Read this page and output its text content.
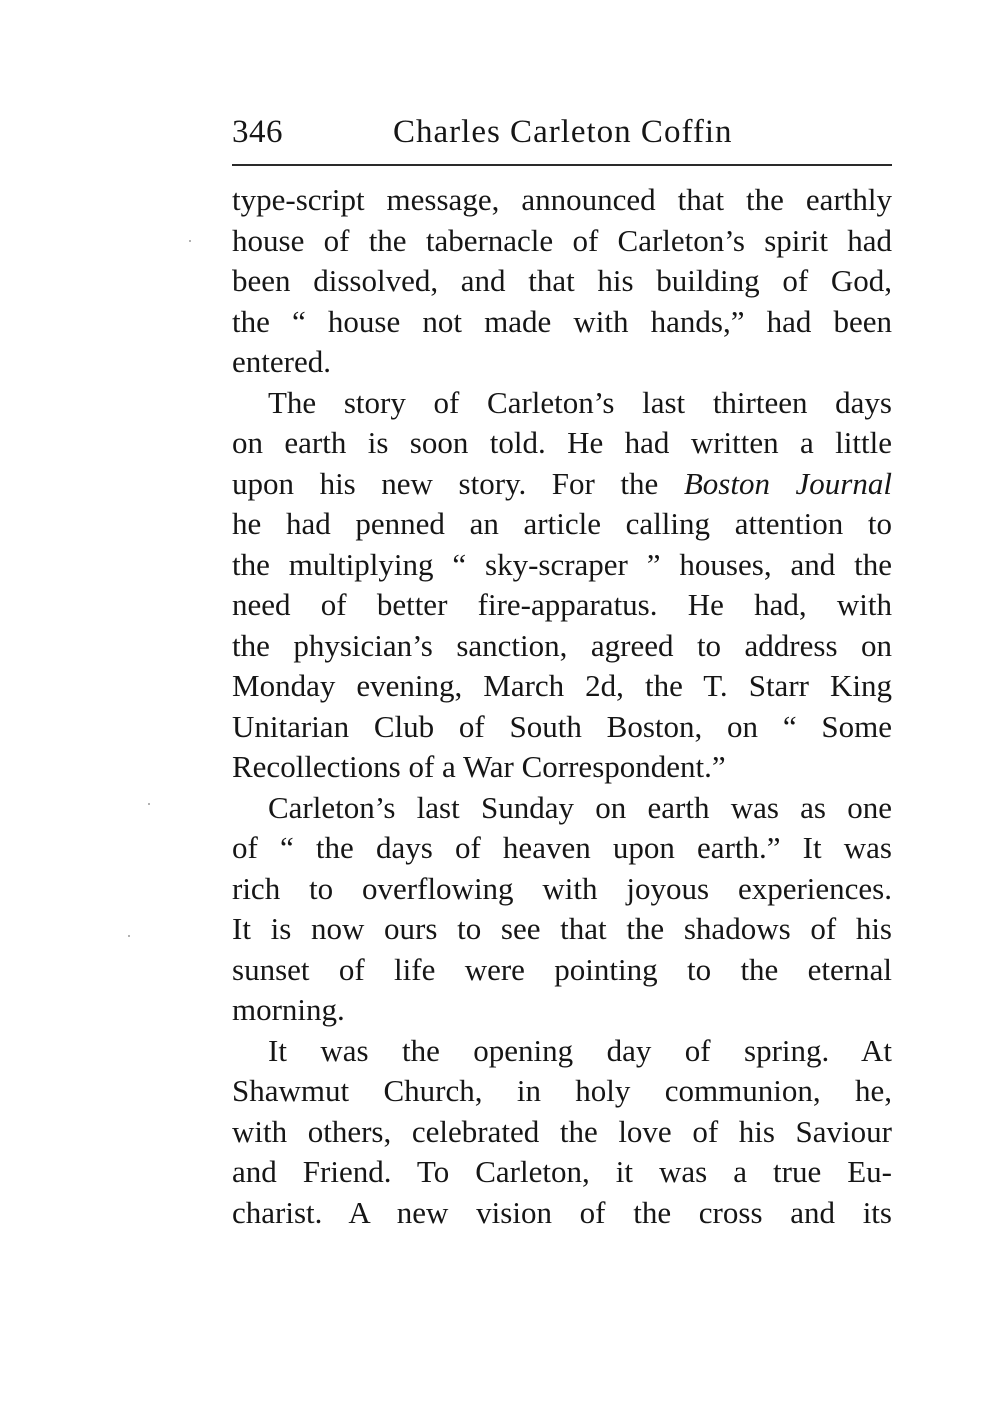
346	Charles Carleton Coffin
type-script message, announced that the earthly
house of the tabernacle of Carleton’s spirit had
been dissolved, and that his building of God,
the “ house not made with hands,” had been
entered.
The story of Carleton’s last thirteen days
on earth is soon told. He had written a little
upon his new story. For the Boston Journal
he had penned an article calling attention to
the multiplying “ sky-scraper ” houses, and the
need of better fire-apparatus. He had, with
the physician’s sanction, agreed to address on
Monday evening, March 2d, the T. Starr King
Unitarian Club of South Boston, on “ Some
Recollections of a War Correspondent.”
Carleton’s last Sunday on earth was as one
of “ the days of heaven upon earth.” It was
rich to overflowing with joyous experiences.
It is now ours to see that the shadows of his
sunset of life were pointing to the eternal
morning.
It was the opening day of spring. At
Shawmut Church, in holy communion, he,
with others, celebrated the love of his Saviour
and Friend. To Carleton, it was a true Eu-
charist. A new vision of the cross and its
